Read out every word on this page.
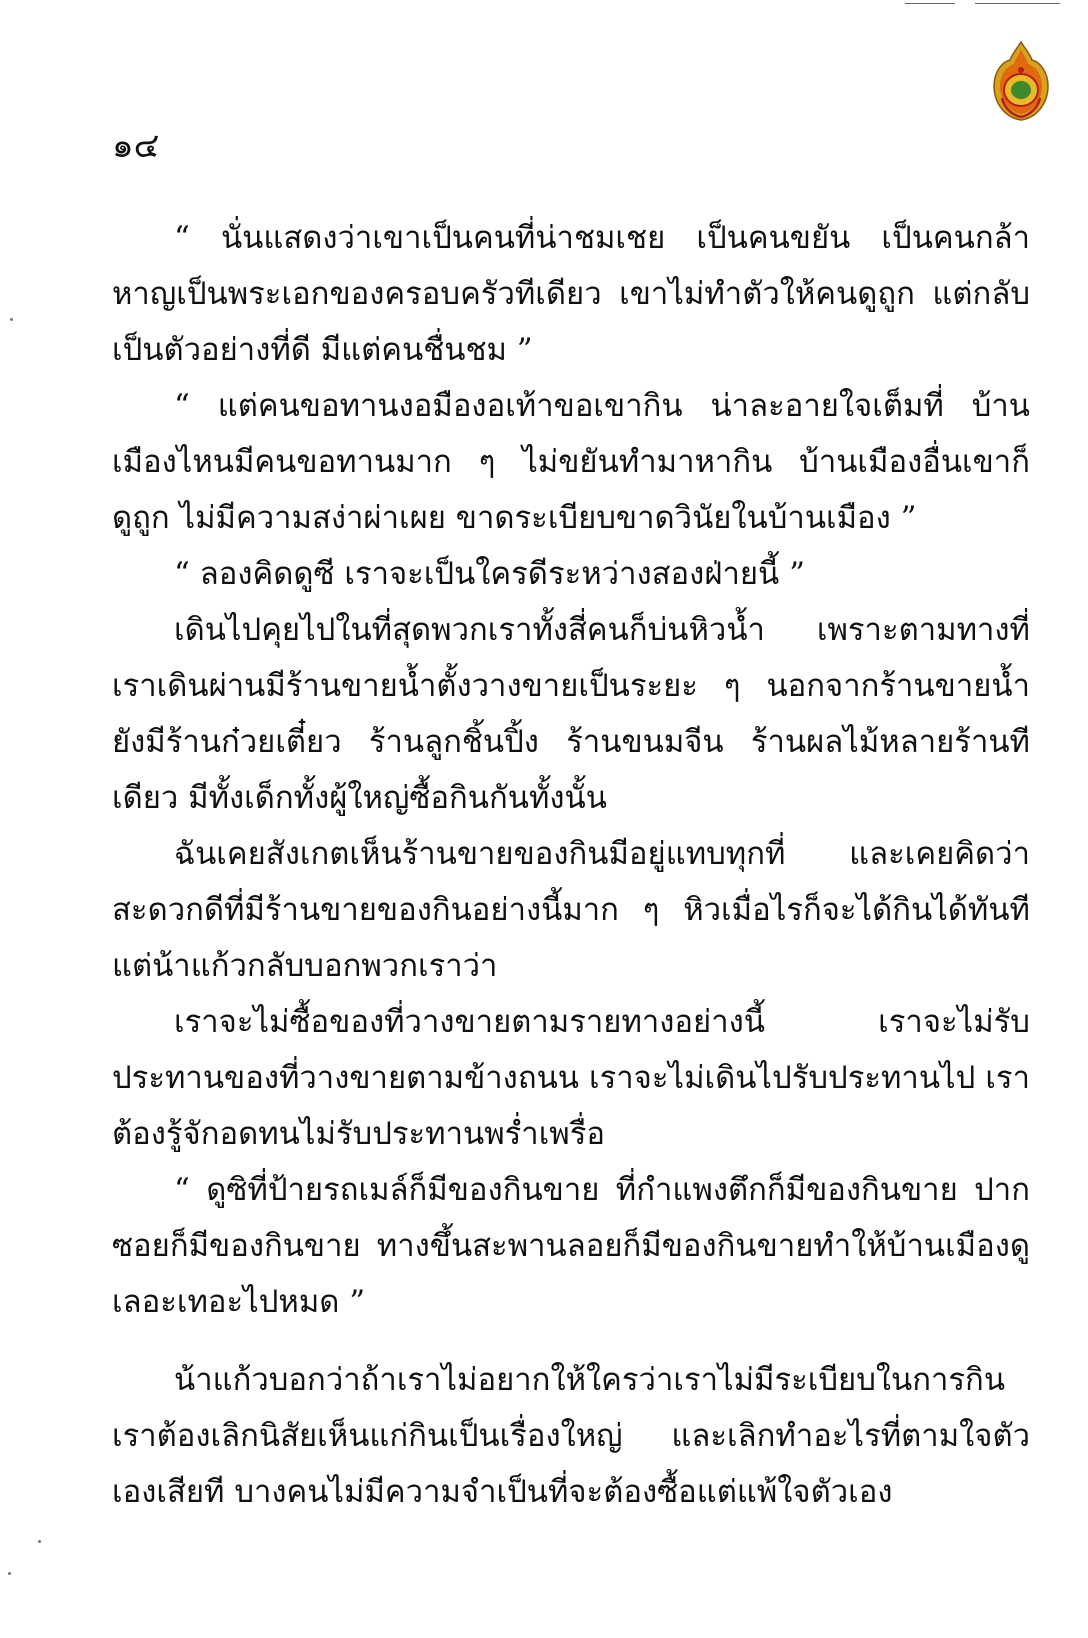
๑๔

“ นั่นแสดงว่าเขาเป็นคนที่น่าชมเชย เป็นคนขยัน เป็นคนกล้าหาญเป็นพระเอกของครอบครัวทีเดียว เขาไม่ทำตัวให้คนดูถูก แต่กลับเป็นตัวอย่างที่ดี มีแต่คนชื่นชม ”

“ แต่คนขอทานงอมืองอเท้าขอเขากิน น่าละอายใจเต็มที่ บ้านเมืองไหนมีคนขอทานมาก ๆ ไม่ขยันทำมาหากิน บ้านเมืองอื่นเขาก็ดูถูก ไม่มีความสง่าผ่าเผย ขาดระเบียบขาดวินัยในบ้านเมือง ”

“ ลองคิดดูซี เราจะเป็นใครดีระหว่างสองฝ่ายนี้ ”

เดินไปคุยไปในที่สุดพวกเราทั้งสี่คนก็บ่นหิวน้ำ เพราะตามทางที่เราเดินผ่านมีร้านขายน้ำตั้งวางขายเป็นระยะ ๆ นอกจากร้านขายน้ำยังมีร้านก๋วยเตี๋ยว ร้านลูกชิ้นปิ้ง ร้านขนมจีน ร้านผลไม้หลายร้านทีเดียว มีทั้งเด็กทั้งผู้ใหญ่ซื้อกินกันทั้งนั้น

ฉันเคยสังเกตเห็นร้านขายของกินมีอยู่แทบทุกที่ และเคยคิดว่าสะดวกดีที่มีร้านขายของกินอย่างนี้มาก ๆ หิวเมื่อไรก็จะได้กินได้ทันที แต่น้าแก้วกลับบอกพวกเราว่า

เราจะไม่ซื้อของที่วางขายตามรายทางอย่างนี้ เราจะไม่รับประทานของที่วางขายตามข้างถนน เราจะไม่เดินไปรับประทานไป เราต้องรู้จักอดทนไม่รับประทานพร่ำเพรื่อ

“ ดูซิที่ป้ายรถเมล์ก็มีของกินขาย ที่กำแพงตึกก็มีของกินขาย ปากซอยก็มีของกินขาย ทางขึ้นสะพานลอยก็มีของกินขายทำให้บ้านเมืองดูเลอะเทอะไปหมด ”

น้าแก้วบอกว่าถ้าเราไม่อยากให้ใครว่าเราไม่มีระเบียบในการกินเราต้องเลิกนิสัยเห็นแก่กินเป็นเรื่องใหญ่ และเลิกทำอะไรที่ตามใจตัวเองเสียที บางคนไม่มีความจำเป็นที่จะต้องซื้อแต่แพ้ใจตัวเอง
